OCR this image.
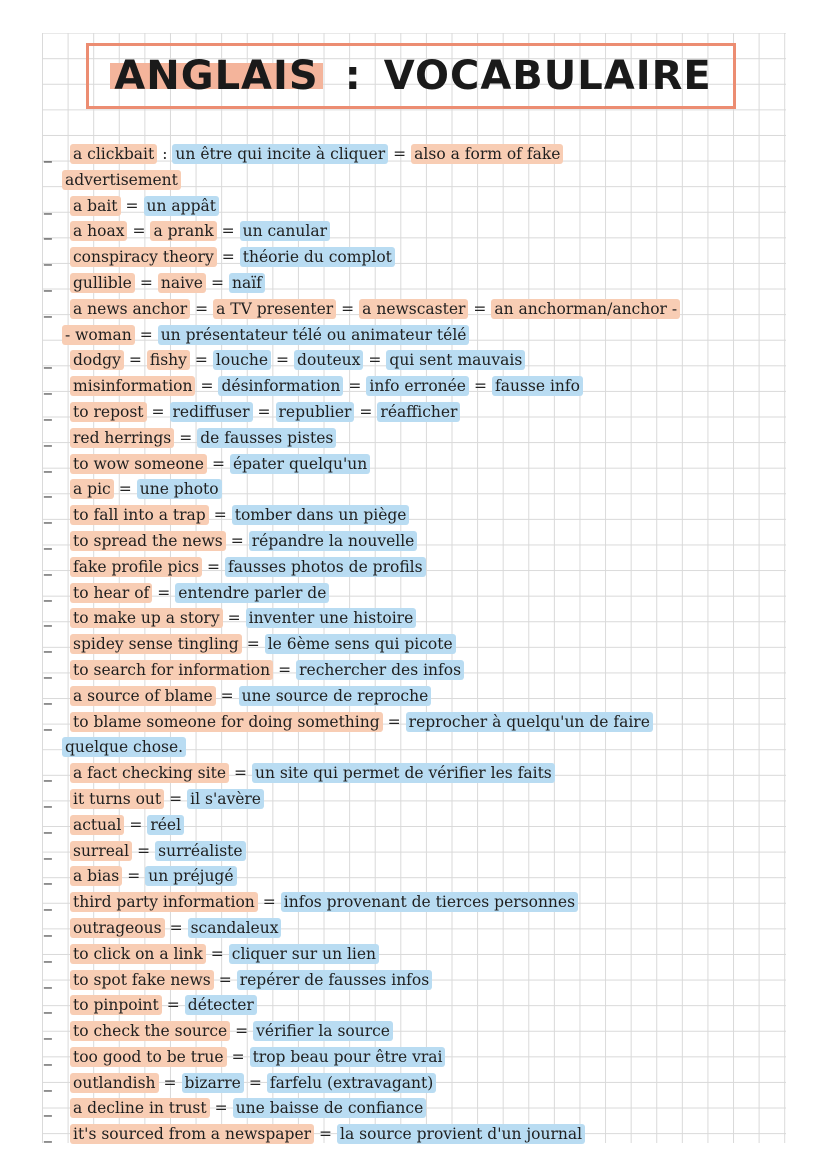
ANGLAIS : VOCABULAIRE
_ a clickbait : un être qui incite à cliquer = also a form of fake
advertisement
_ a bait = un appât
_ a hoax = a prank = un canular
_ conspiracy theory = théorie du complot
_ gullible = naive = naïf
_ a news anchor = a TV presenter = a newscaster = an anchorman/anchor -
- woman = un présentateur télé ou animateur télé
_ dodgy = fishy = louche = douteux = qui sent mauvais
_ misinformation = désinformation = info erronée = fausse info
_ to repost = rediffuser = republier = réafficher
_ red herrings = de fausses pistes
_ to wow someone = épater quelqu'un
_ a pic = une photo
_ to fall into a trap = tomber dans un piège
_ to spread the news = répandre la nouvelle
_ fake profile pics = fausses photos de profils
_ to hear of = entendre parler de
_ to make up a story = inventer une histoire
_ spidey sense tingling = le 6ème sens qui picote
_ to search for information = rechercher des infos
_ a source of blame = une source de reproche
_ to blame someone for doing something = reprocher à quelqu'un de faire
quelque chose.
_ a fact checking site = un site qui permet de vérifier les faits
_ it turns out = il s'avère
_ actual = réel
_ surreal = surréaliste
_ a bias = un préjugé
_ third party information = infos provenant de tierces personnes
_ outrageous = scandaleux
_ to click on a link = cliquer sur un lien
_ to spot fake news = repérer de fausses infos
_ to pinpoint = détecter
_ to check the source = vérifier la source
_ too good to be true = trop beau pour être vrai
_ outlandish = bizarre = farfelu (extravagant)
_ a decline in trust = une baisse de confiance
_ it's sourced from a newspaper = la source provient d'un journal
